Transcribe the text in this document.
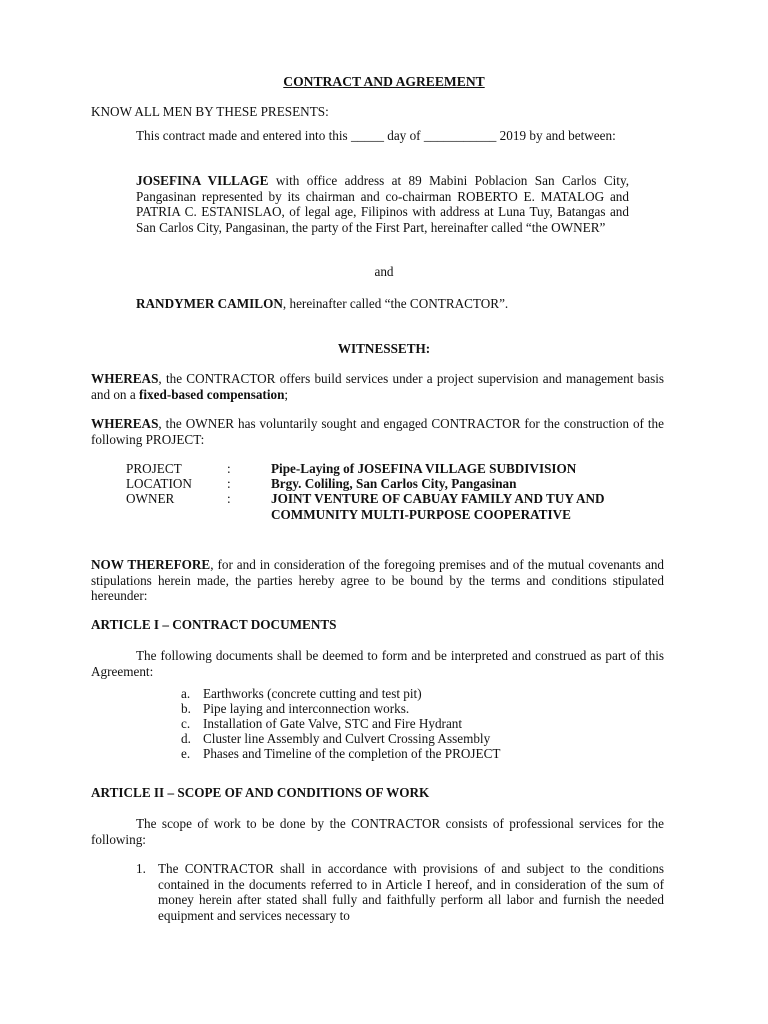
CONTRACT AND AGREEMENT

KNOW ALL MEN BY THESE PRESENTS:

This contract made and entered into this _____ day of ___________ 2019 by and between:

JOSEFINA VILLAGE with office address at 89 Mabini Poblacion San Carlos City, Pangasinan represented by its chairman and co-chairman ROBERTO E. MATALOG and PATRIA C. ESTANISLAO, of legal age, Filipinos with address at Luna Tuy, Batangas and San Carlos City, Pangasinan, the party of the First Part, hereinafter called “the OWNER”

and

RANDYMER CAMILON, hereinafter called “the CONTRACTOR”.

WITNESSETH:

WHEREAS, the CONTRACTOR offers build services under a project supervision and management basis and on a fixed-based compensation;

WHEREAS, the OWNER has voluntarily sought and engaged CONTRACTOR for the construction of the following PROJECT:

PROJECT	:	Pipe-Laying of JOSEFINA VILLAGE SUBDIVISION
LOCATION	:	Brgy. Coliling, San Carlos City, Pangasinan
OWNER	:	JOINT VENTURE OF CABUAY FAMILY AND TUY AND COMMUNITY MULTI-PURPOSE COOPERATIVE

NOW THEREFORE, for and in consideration of the foregoing premises and of the mutual covenants and stipulations herein made, the parties hereby agree to be bound by the terms and conditions stipulated hereunder:

ARTICLE I – CONTRACT DOCUMENTS

The following documents shall be deemed to form and be interpreted and construed as part of this Agreement:

a. Earthworks (concrete cutting and test pit)
b. Pipe laying and interconnection works.
c. Installation of Gate Valve, STC and Fire Hydrant
d. Cluster line Assembly and Culvert Crossing Assembly
e. Phases and Timeline of the completion of the PROJECT

ARTICLE II – SCOPE OF AND CONDITIONS OF WORK

The scope of work to be done by the CONTRACTOR consists of professional services for the following:

1. The CONTRACTOR shall in accordance with provisions of and subject to the conditions contained in the documents referred to in Article I hereof, and in consideration of the sum of money herein after stated shall fully and faithfully perform all labor and furnish the needed equipment and services necessary to
